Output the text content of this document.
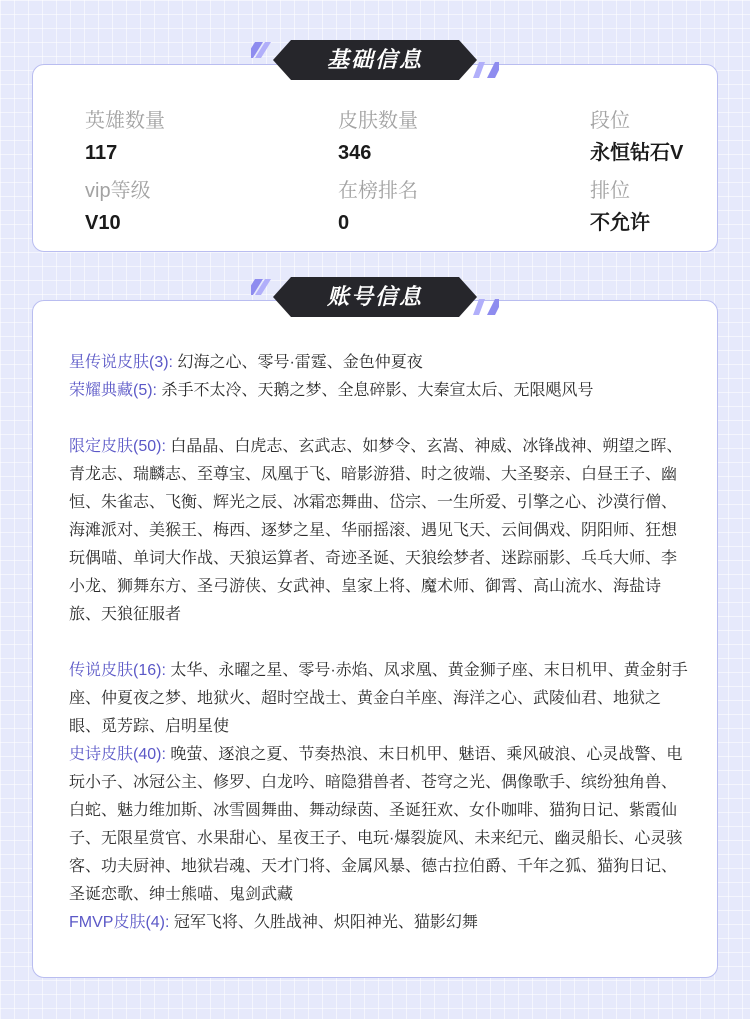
英雄数量
117
皮肤数量
346
段位
永恒钻石V
vip等级
V10
在榜排名
0
排位
不允许
基础信息

星传说皮肤(3): 幻海之心、零号·雷霆、金色仲夏夜

荣耀典藏(5): 杀手不太冷、天鹅之梦、全息碎影、大秦宣太后、无限飓风号

限定皮肤(50): 白晶晶、白虎志、玄武志、如梦令、玄嵩、神威、冰锋战神、朔望之晖、青龙志、瑞麟志、至尊宝、凤凰于飞、暗影游猎、时之彼端、大圣娶亲、白昼王子、幽恒、朱雀志、飞衡、辉光之辰、冰霜恋舞曲、岱宗、一生所爱、引擎之心、沙漠行僧、海滩派对、美猴王、梅西、逐梦之星、华丽摇滚、遇见飞天、云间偶戏、阴阳师、狂想玩偶喵、单词大作战、天狼运算者、奇迹圣诞、天狼绘梦者、迷踪丽影、乓乓大师、李小龙、狮舞东方、圣弓游侠、女武神、皇家上将、魔术师、御霄、高山流水、海盐诗旅、天狼征服者

传说皮肤(16): 太华、永曜之星、零号·赤焰、凤求凰、黄金狮子座、末日机甲、黄金射手座、仲夏夜之梦、地狱火、超时空战士、黄金白羊座、海洋之心、武陵仙君、地狱之眼、觅芳踪、启明星使

史诗皮肤(40): 晚萤、逐浪之夏、节奏热浪、末日机甲、魅语、乘风破浪、心灵战警、电玩小子、冰冠公主、修罗、白龙吟、暗隐猎兽者、苍穹之光、偶像歌手、缤纷独角兽、白蛇、魅力维加斯、冰雪圆舞曲、舞动绿茵、圣诞狂欢、女仆咖啡、猫狗日记、紫霞仙子、无限星赏官、水果甜心、星夜王子、电玩·爆裂旋风、未来纪元、幽灵船长、心灵骇客、功夫厨神、地狱岩魂、天才门将、金属风暴、德古拉伯爵、千年之狐、猫狗日记、圣诞恋歌、绅士熊喵、鬼剑武藏

FMVP皮肤(4): 冠军飞将、久胜战神、炽阳神光、猫影幻舞

账号信息
